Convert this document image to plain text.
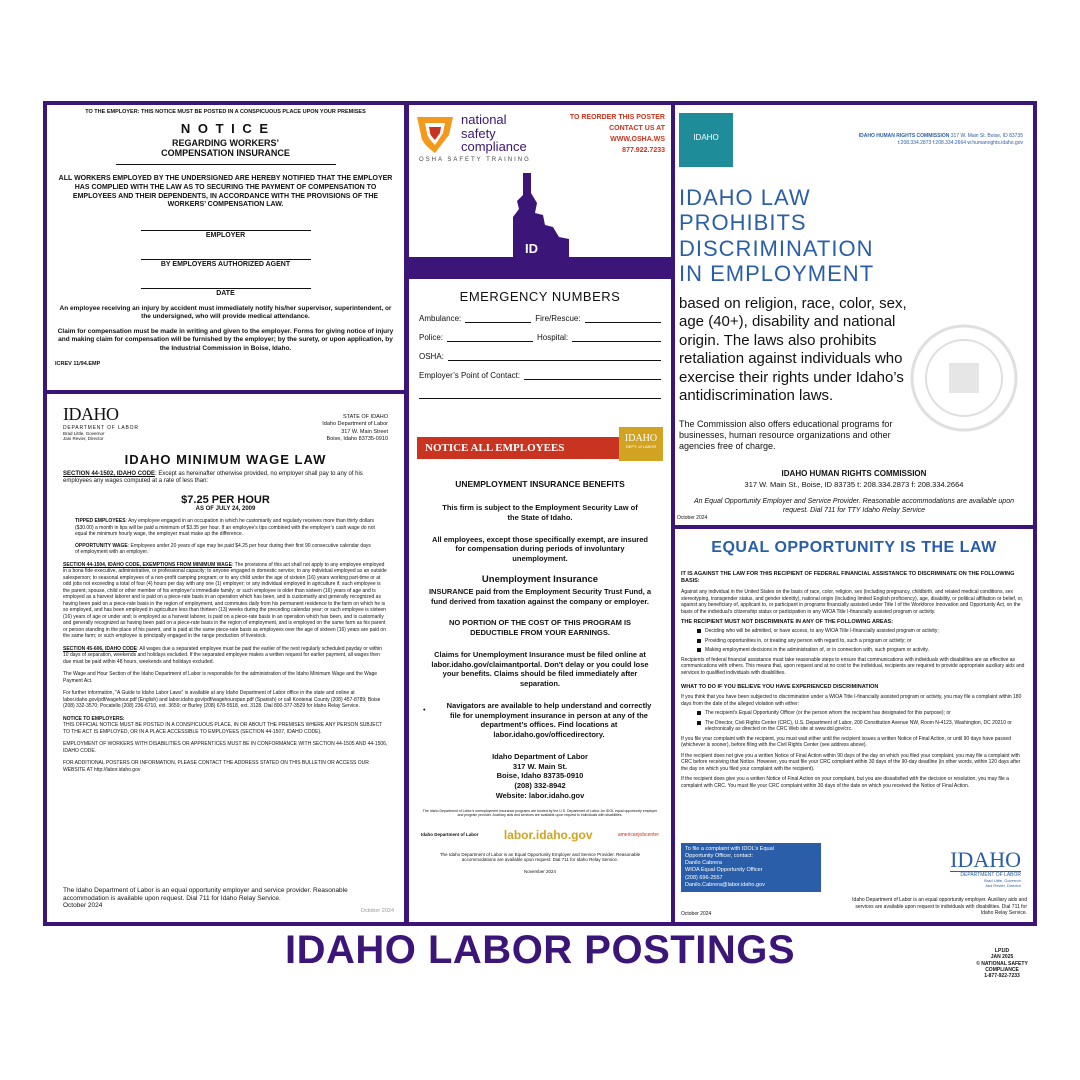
TO THE EMPLOYER: THIS NOTICE MUST BE POSTED IN A CONSPICUOUS PLACE UPON YOUR PREMISES
N O T I C E
REGARDING WORKERS’
COMPENSATION INSURANCE
ALL WORKERS EMPLOYED BY THE UNDERSIGNED ARE HEREBY NOTIFIED THAT THE EMPLOYER HAS COMPLIED WITH THE LAW AS TO SECURING THE PAYMENT OF COMPENSATION TO EMPLOYEES AND THEIR DEPENDENTS, IN ACCORDANCE WITH THE PROVISIONS OF THE WORKERS’ COMPENSATION LAW.
EMPLOYER
BY EMPLOYERS AUTHORIZED AGENT
DATE
An employee receiving an injury by accident must immediately notify his/her supervisor, superintendent, or the undersigned, who will provide medical attendance.
Claim for compensation must be made in writing and given to the employer. Forms for giving notice of injury and making claim for compensation will be furnished by the employer; by the surety, or upon application, by the Industrial Commission in Boise, Idaho.
ICREV 11/94.EMP
national
safety
compliance
OSHA SAFETY TRAINING
TO REORDER THIS POSTER
CONTACT US AT
WWW.OSHA.WS
877.922.7233
ID
EMERGENCY NUMBERS
Ambulance:	Fire/Rescue:
Police:	Hospital:
OSHA:
Employer’s Point of Contact:
IDAHO	IDAHO HUMAN RIGHTS COMMISSION 317 W. Main St. Boise, ID 83735
t:208.334.2873 f:208.334.2664 w:humanrights.idaho.gov
IDAHO LAW
PROHIBITS
DISCRIMINATION
IN EMPLOYMENT
based on religion, race, color, sex, age (40+), disability and national origin. The laws also prohibits retaliation against individuals who exercise their rights under Idaho’s antidiscrimination laws.
The Commission also offers educational programs for businesses, human resource organizations and other agencies free of charge.
IDAHO HUMAN RIGHTS COMMISSION
317 W. Main St., Boise, ID 83735 t: 208.334.2873 f: 208.334.2664
An Equal Opportunity Employer and Service Provider. Reasonable accommodations are available upon request. Dial 711 for TTY Idaho Relay Service
October 2024
IDAHO
DEPARTMENT OF LABOR
Brad Little, Governor
Jani Revier, Director
STATE OF IDAHO
Idaho Department of Labor
317 W. Main Street
Boise, Idaho 83735-0910
IDAHO MINIMUM WAGE LAW
SECTION 44-1502, IDAHO CODE: Except as hereinafter otherwise provided, no employer shall pay to any of his employees any wages computed at a rate of less than:
$7.25 PER HOUR
AS OF JULY 24, 2009
TIPPED EMPLOYEES: Any employee engaged in an occupation in which he customarily and regularly receives more than thirty dollars ($30.00) a month in tips will be paid a minimum of $3.35 per hour. If an employee’s tips combined with the employer’s cash wage do not equal the minimum hourly wage, the employer must make up the difference.
OPPORTUNITY WAGE: Employees under 20 years of age may be paid $4.25 per hour during their first 90 consecutive calendar days of employment with an employer.
SECTION 44-1504, IDAHO CODE, EXEMPTIONS FROM MINIMUM WAGE: The provisions of this act shall not apply to any employee employed in a bona fide executive, administrative, or professional capacity; to anyone engaged in domestic service; to any individual employed as an outside salesperson; to seasonal employees of a non-profit camping program; or to any child under the age of sixteen (16) years working part-time or at odd jobs not exceeding a total of four (4) hours per day with any one (1) employer; or any individual employed in agriculture if, such employee is the parent, spouse, child or other member of his employer’s immediate family; or such employee is older than sixteen (16) years of age and is employed as a harvest laborer and is paid on a piece-rate basis in an operation which has been, and is customarily and generally recognized as having been paid on a piece-rate basis in the region of employment, and commutes daily from his permanent residence to the farm on which he is so employed, and has been employed in agriculture less than thirteen (13) weeks during the preceding calendar year; or such employee is sixteen (16) years of age or under and; is employed as a harvest laborer, is paid on a piece-rate basis in an operation which has been, and is customarily and generally recognized as having been paid on a piece-rate basis in the region of employment, and is employed on the same farm as his parent or person standing in the place of his parent, and is paid at the same piece-rate basis as employees over the age of sixteen (16) years are paid on the same farm; or such employee is principally engaged in the range production of livestock.
SECTION 45-606, IDAHO CODE: All wages due a separated employee must be paid the earlier of the next regularly scheduled payday or within 10 days of separation, weekends and holidays excluded. If the separated employee makes a written request for earlier payment, all wages then due must be paid within 48 hours, weekends and holidays excluded.
The Wage and Hour Section of the Idaho Department of Labor is responsible for the administration of the Idaho Minimum Wage and the Wage Payment Act.
For further information, "A Guide to Idaho Labor Laws" is available at any Idaho Department of Labor office in the state and online at labor.idaho.gov/pdf/wagehour.pdf (English) and labor.idaho.gov/pdf/wagehourspan.pdf (Spanish) or call Kootenai County (208) 457-8789; Boise (208) 332-3570; Pocatello (208) 236-6710, ext. 3659; or Burley (208) 678-5518, ext. 3128. Dial 800-377-3529 for Idaho Relay Service.
NOTICE TO EMPLOYERS:
THIS OFFICIAL NOTICE MUST BE POSTED IN A CONSPICUOUS PLACE, IN OR ABOUT THE PREMISES WHERE ANY PERSON SUBJECT TO THE ACT IS EMPLOYED, OR IN A PLACE ACCESSIBLE TO EMPLOYEES (SECTION 44-1507, IDAHO CODE).
EMPLOYMENT OF WORKERS WITH DISABILITIES OR APPRENTICES MUST BE IN CONFORMANCE WITH SECTION 44-1505 AND 44-1506, IDAHO CODE.
FOR ADDITIONAL POSTERS OR INFORMATION, PLEASE CONTACT THE ADDRESS STATED ON THIS BULLETIN OR ACCESS OUR WEBSITE AT http://labor.idaho.gov
The Idaho Department of Labor is an equal opportunity employer and service provider. Reasonable accommodation is available upon request. Dial 711 for Idaho Relay Service.
October 2024
October 2024
NOTICE ALL EMPLOYEES
IDAHO
DEPT. of LABOR
UNEMPLOYMENT INSURANCE BENEFITS
This firm is subject to the Employment Security Law of the State of Idaho.
All employees, except those specifically exempt, are insured for compensation during periods of involuntary unemployment.
Unemployment Insurance
INSURANCE paid from the Employment Security Trust Fund, a fund derived from taxation against the company or employer.
NO PORTION OF THE COST OF THIS PROGRAM IS DEDUCTIBLE FROM YOUR EARNINGS.
Claims for Unemployment Insurance must be filed online at labor.idaho.gov/claimantportal. Don't delay or you could lose your benefits. Claims should be filed immediately after separation.
•	Navigators are available to help understand and correctly file for unemployment insurance in person at any of the department’s offices. Find locations at labor.idaho.gov/officedirectory.
Idaho Department of Labor
317 W. Main St.
Boise, Idaho 83735-0910
(208) 332-8942
Website: labor.idaho.gov
The Idaho Department of Labor’s unemployment insurance programs are funded by the U.S. Department of Labor. An IDOL equal opportunity employer and program provider. Auxiliary aids and services are available upon request to individuals with disabilities.
Idaho Department of Labor labor.idaho.gov	americanjobcenter
The Idaho Department of Labor is an Equal Opportunity Employer and Service Provider. Reasonable accommodations are available upon request. Dial 711 for Idaho Relay Service.
November 2024
EQUAL OPPORTUNITY IS THE LAW
IT IS AGAINST THE LAW FOR THIS RECIPIENT OF FEDERAL FINANCIAL ASSISTANCE TO DISCRIMINATE ON THE FOLLOWING BASIS:
Against any individual in the United States on the basis of race, color, religion, sex (including pregnancy, childbirth, and related medical conditions, sex stereotyping, transgender status, and gender identity), national origin (including limited English proficiency), age, disability, or political affiliation or belief, or, against any beneficiary of, applicant to, or participant in programs financially assisted under Title I of the Workforce Innovation and Opportunity Act, on the basis of the individual’s citizenship status or participation in any WIOA Title I-financially assisted program or activity.
THE RECIPIENT MUST NOT DISCRIMINATE IN ANY OF THE FOLLOWING AREAS:
Deciding who will be admitted, or have access, to any WIOA Title I-financially assisted program or activity;
Providing opportunities in, or treating any person with regard to, such a program or activity; or
Making employment decisions in the administration of, or in connection with, such program or activity.
Recipients of federal financial assistance must take reasonable steps to ensure that communications with individuals with disabilities are as effective as communications with others. This means that, upon request and at no cost to the individual, recipients are required to provide appropriate auxiliary aids and services to qualified individuals with disabilities.
WHAT TO DO IF YOU BELIEVE YOU HAVE EXPERIENCED DISCRIMINATION
If you think that you have been subjected to discrimination under a WIOA Title I-financially assisted program or activity, you may file a complaint within 180 days from the date of the alleged violation with either:
The recipient’s Equal Opportunity Officer (or the person whom the recipient has designated for this purpose); or
The Director, Civil Rights Center (CRC), U.S. Department of Labor, 200 Constitution Avenue NW, Room N-4123, Washington, DC 20210 or electronically as directed on the CRC Web site at www.dol.gov/crc.
If you file your complaint with the recipient, you must wait either until the recipient issues a written Notice of Final Action, or until 90 days have passed (whichever is sooner), before filing with the Civil Rights Center (see address above).
If the recipient does not give you a written Notice of Final Action within 90 days of the day on which you filed your complaint, you may file a complaint with CRC before receiving that Notice. However, you must file your CRC complaint within 30 days of the 90-day deadline (in other words, within 120 days after the day on which you filed your complaint with the recipient).
If the recipient does give you a written Notice of Final Action on your complaint, but you are dissatisfied with the decision or resolution, you may file a complaint with CRC. You must file your CRC complaint within 30 days of the date on which you received the Notice of Final Action.
To file a complaint with IDOL’s Equal
Opportunity Officer, contact:
Danilo Cabrera
WIOA Equal Opportunity Officer
(208) 696-2557
Danilo.Cabrera@labor.idaho.gov
IDAHO
DEPARTMENT OF LABOR
Brad Little, Governor
Jani Revier, Director
Idaho Department of Labor is an equal opportunity employer. Auxiliary aids and services are available upon request to individuals with disabilities. Dial 711 for Idaho Relay Service.
October 2024
IDAHO LABOR POSTINGS	LP1ID
JAN 2025
© NATIONAL SAFETY
COMPLIANCE
1-877-922-7233
